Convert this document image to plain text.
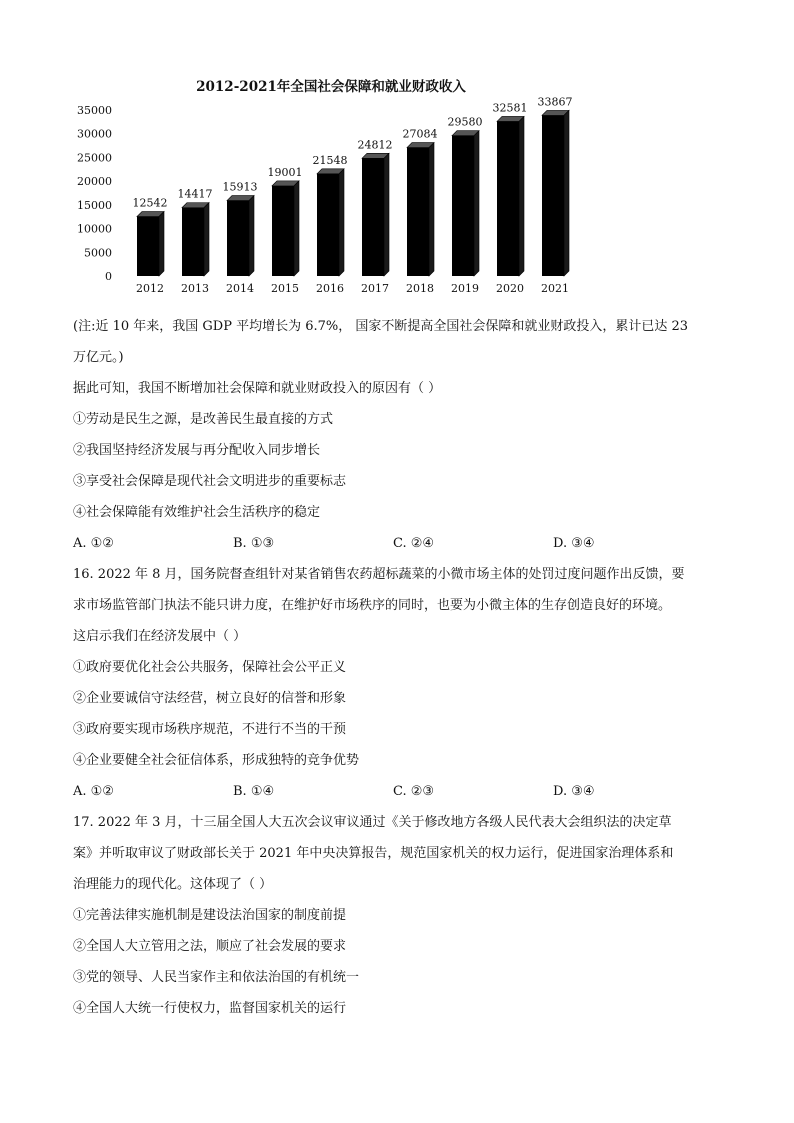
2012-2021年全国社会保障和就业财政收入
0
5000
10000
15000
20000
25000
30000
35000
12542
2012
14417
2013
15913
2014
19001
2015
21548
2016
24812
2017
27084
2018
29580
2019
32581
2020
33867
2021
(注:近 10 年来，我国 GDP 平均增长为 6.7%， 国家不断提高全国社会保障和就业财政投入，累计已达 23
万亿元。)
据此可知，我国不断增加社会保障和就业财政投入的原因有（ ）
①劳动是民生之源，是改善民生最直接的方式
②我国坚持经济发展与再分配收入同步增长
③享受社会保障是现代社会文明进步的重要标志
④社会保障能有效维护社会生活秩序的稳定
A. ①②	B. ①③	C. ②④	D. ③④
16. 2022 年 8 月，国务院督查组针对某省销售农药超标蔬菜的小微市场主体的处罚过度问题作出反馈，要
求市场监管部门执法不能只讲力度，在维护好市场秩序的同时，也要为小微主体的生存创造良好的环境。
这启示我们在经济发展中（ ）
①政府要优化社会公共服务，保障社会公平正义
②企业要诚信守法经营，树立良好的信誉和形象
③政府要实现市场秩序规范，不进行不当的干预
④企业要健全社会征信体系，形成独特的竞争优势
A. ①②	B. ①④	C. ②③	D. ③④
17. 2022 年 3 月，十三届全国人大五次会议审议通过《关于修改地方各级人民代表大会组织法的决定草
案》并听取审议了财政部长关于 2021 年中央决算报告，规范国家机关的权力运行，促进国家治理体系和
治理能力的现代化。这体现了（ ）
①完善法律实施机制是建设法治国家的制度前提
②全国人大立管用之法，顺应了社会发展的要求
③党的领导、人民当家作主和依法治国的有机统一
④全国人大统一行使权力，监督国家机关的运行
